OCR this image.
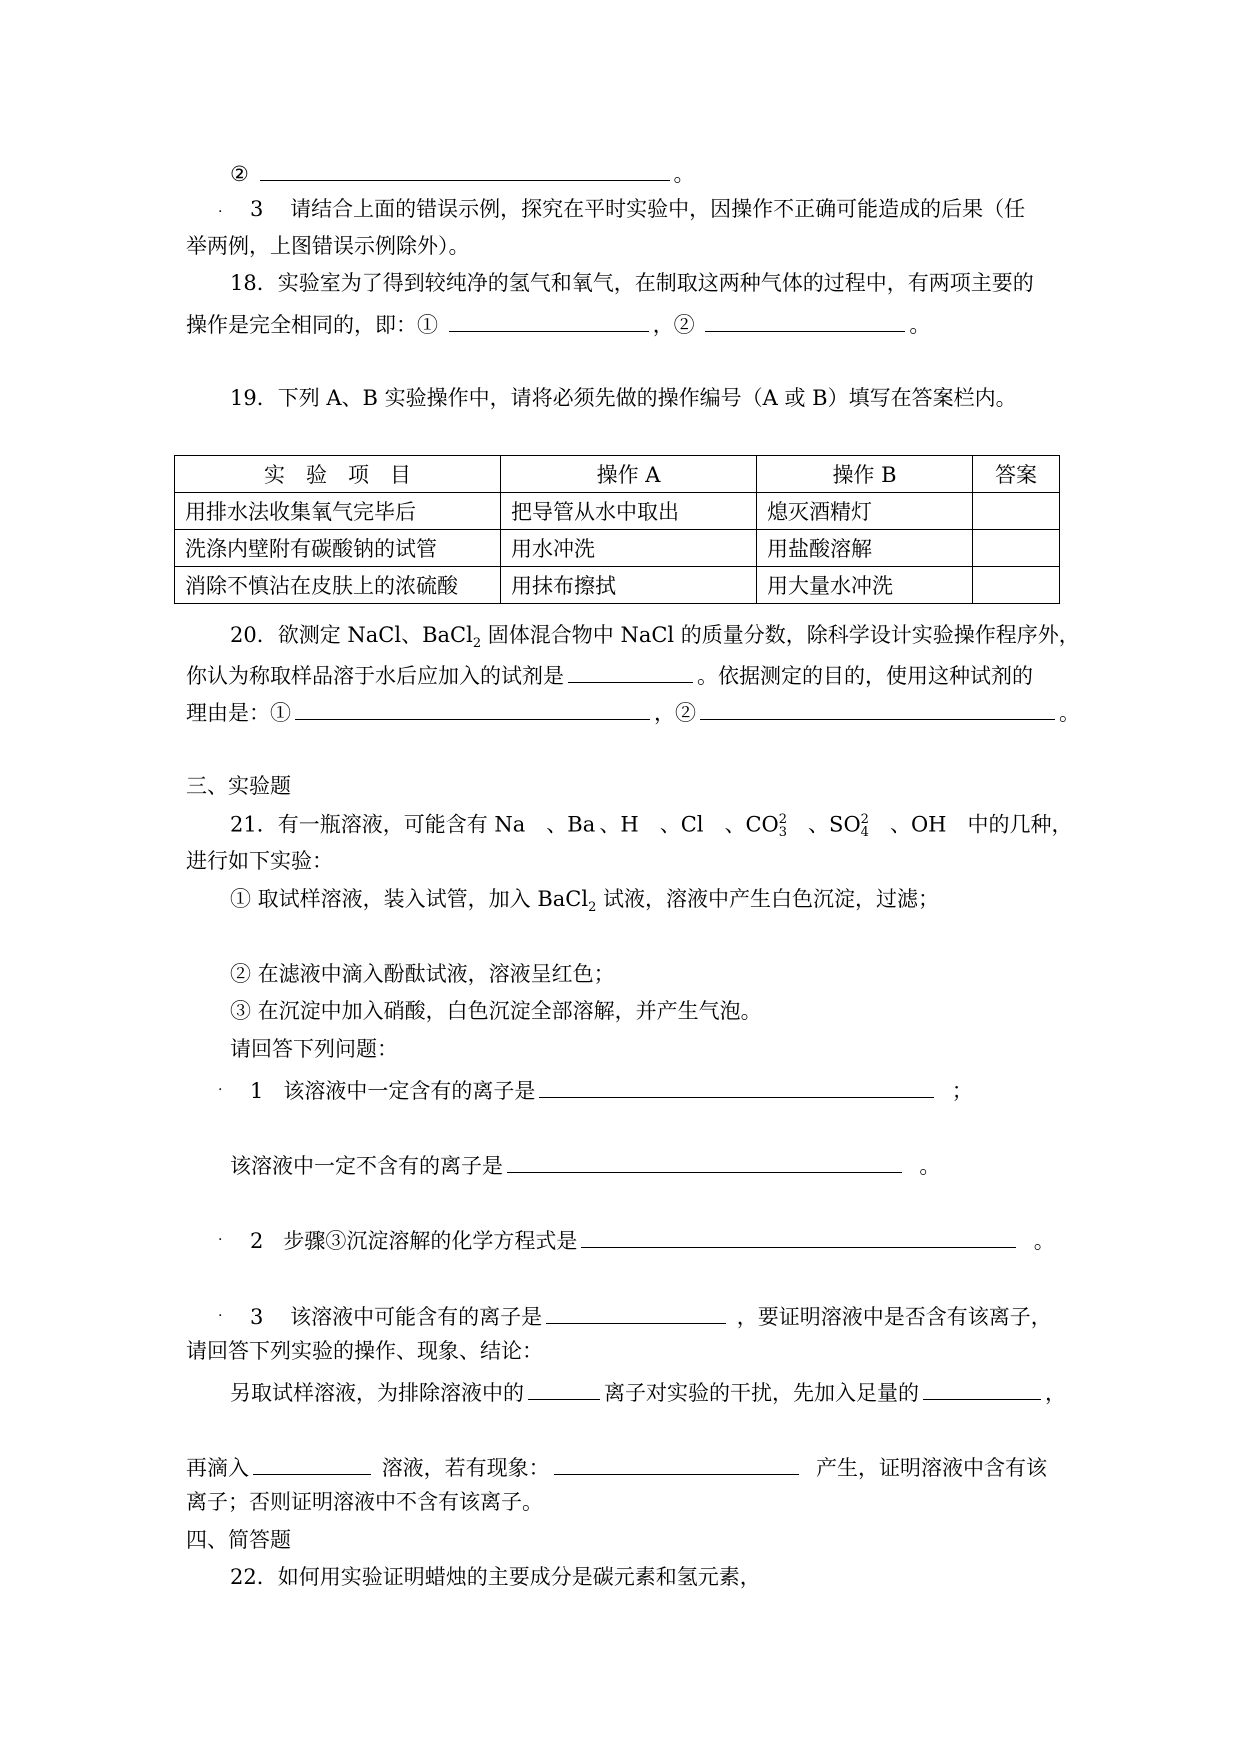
②	。
. 3 请结合上面的错误示例，探究在平时实验中，因操作不正确可能造成的后果（任
举两例，上图错误示例除外）。
18．实验室为了得到较纯净的氢气和氧气，在制取这两种气体的过程中，有两项主要的
操作是完全相同的，即：①	，②	。
19．下列 A、B 实验操作中，请将必须先做的操作编号（A 或 B）填写在答案栏内。
实　验　项　目	操作 A	操作 B	答案
用排水法收集氧气完毕后	把导管从水中取出	熄灭酒精灯	
洗涤内壁附有碳酸钠的试管	用水冲洗	用盐酸溶解	
消除不慎沾在皮肤上的浓硫酸	用抹布擦拭	用大量水冲洗	
20．欲测定 NaCl、BaCl$_2$ 固体混合物中 NaCl 的质量分数，除科学设计实验操作程序外，
你认为称取样品溶于水后应加入的试剂是	。依据测定的目的，使用这种试剂的
理由是：①	，②	。
三、实验题
21．有一瓶溶液，可能含有 Na　、Ba 、H　、Cl　、CO 2
3 　、SO 2
4 　、OH　中的几种，
进行如下实验：
① 取试样溶液，装入试管，加入 BaCl$_2$ 试液，溶液中产生白色沉淀，过滤；
② 在滤液中滴入酚酞试液，溶液呈红色；
③ 在沉淀中加入硝酸，白色沉淀全部溶解，并产生气泡。
请回答下列问题：
. 1 该溶液中一定含有的离子是	；
该溶液中一定不含有的离子是	。
. 2 步骤③沉淀溶解的化学方程式是	。
. 3 该溶液中可能含有的离子是	，要证明溶液中是否含有该离子，
请回答下列实验的操作、现象、结论：
另取试样溶液，为排除溶液中的	离子对实验的干扰，先加入足量的	，
再滴入	溶液，若有现象：	产生，证明溶液中含有该
离子；否则证明溶液中不含有该离子。
四、简答题
22．如何用实验证明蜡烛的主要成分是碳元素和氢元素，
